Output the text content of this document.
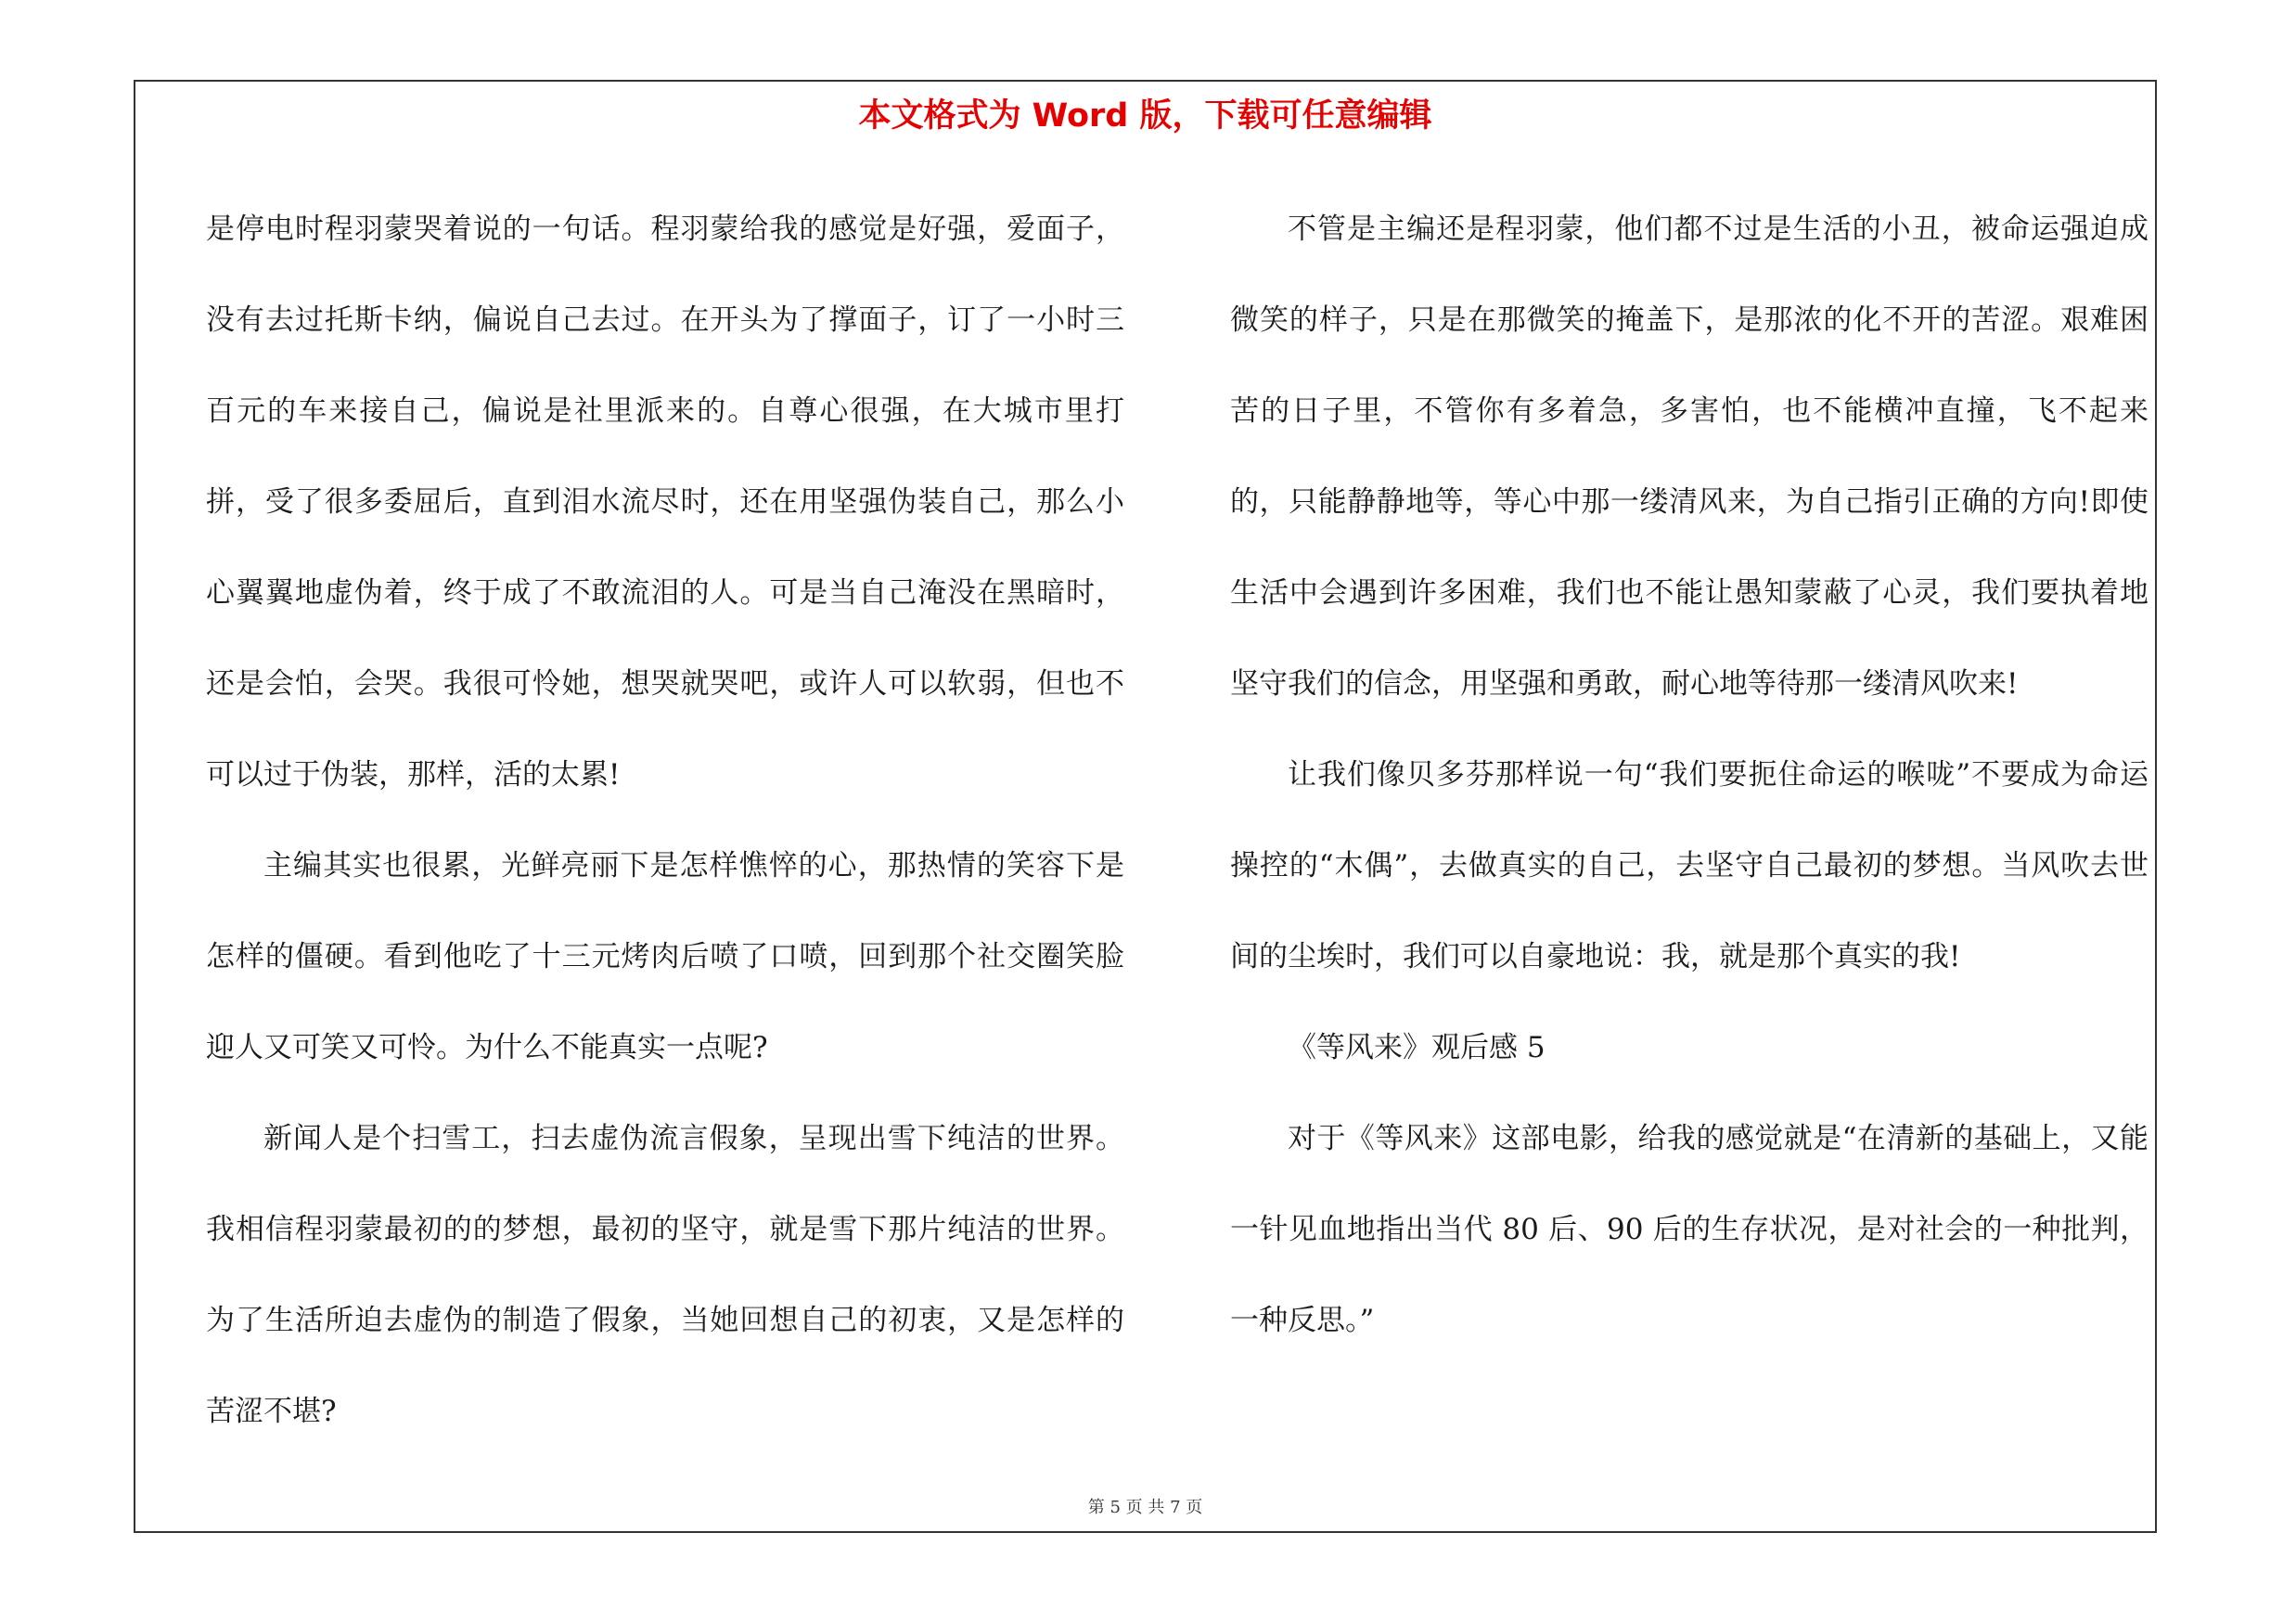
本文格式为 Word 版，下载可任意编辑

是停电时程羽蒙哭着说的一句话。程羽蒙给我的感觉是好强，爱面子，没有去过托斯卡纳，偏说自己去过。在开头为了撑面子，订了一小时三百元的车来接自己，偏说是社里派来的。自尊心很强，在大城市里打拼，受了很多委屈后，直到泪水流尽时，还在用坚强伪装自己，那么小心翼翼地虚伪着，终于成了不敢流泪的人。可是当自己淹没在黑暗时，还是会怕，会哭。我很可怜她，想哭就哭吧，或许人可以软弱，但也不可以过于伪装，那样，活的太累!

主编其实也很累，光鲜亮丽下是怎样憔悴的心，那热情的笑容下是怎样的僵硬。看到他吃了十三元烤肉后喷了口喷，回到那个社交圈笑脸迎人又可笑又可怜。为什么不能真实一点呢?

新闻人是个扫雪工，扫去虚伪流言假象，呈现出雪下纯洁的世界。我相信程羽蒙最初的的梦想，最初的坚守，就是雪下那片纯洁的世界。为了生活所迫去虚伪的制造了假象，当她回想自己的初衷，又是怎样的苦涩不堪?

不管是主编还是程羽蒙，他们都不过是生活的小丑，被命运强迫成微笑的样子，只是在那微笑的掩盖下，是那浓的化不开的苦涩。艰难困苦的日子里，不管你有多着急，多害怕，也不能横冲直撞，飞不起来的，只能静静地等，等心中那一缕清风来，为自己指引正确的方向!即使生活中会遇到许多困难，我们也不能让愚知蒙蔽了心灵，我们要执着地坚守我们的信念，用坚强和勇敢，耐心地等待那一缕清风吹来!

让我们像贝多芬那样说一句“我们要扼住命运的喉咙”不要成为命运操控的“木偶”，去做真实的自己，去坚守自己最初的梦想。当风吹去世间的尘埃时，我们可以自豪地说：我，就是那个真实的我!

《等风来》观后感 5

对于《等风来》这部电影，给我的感觉就是“在清新的基础上，又能一针见血地指出当代 80 后、90 后的生存状况，是对社会的一种批判，一种反思。”

第 5 页 共 7 页
